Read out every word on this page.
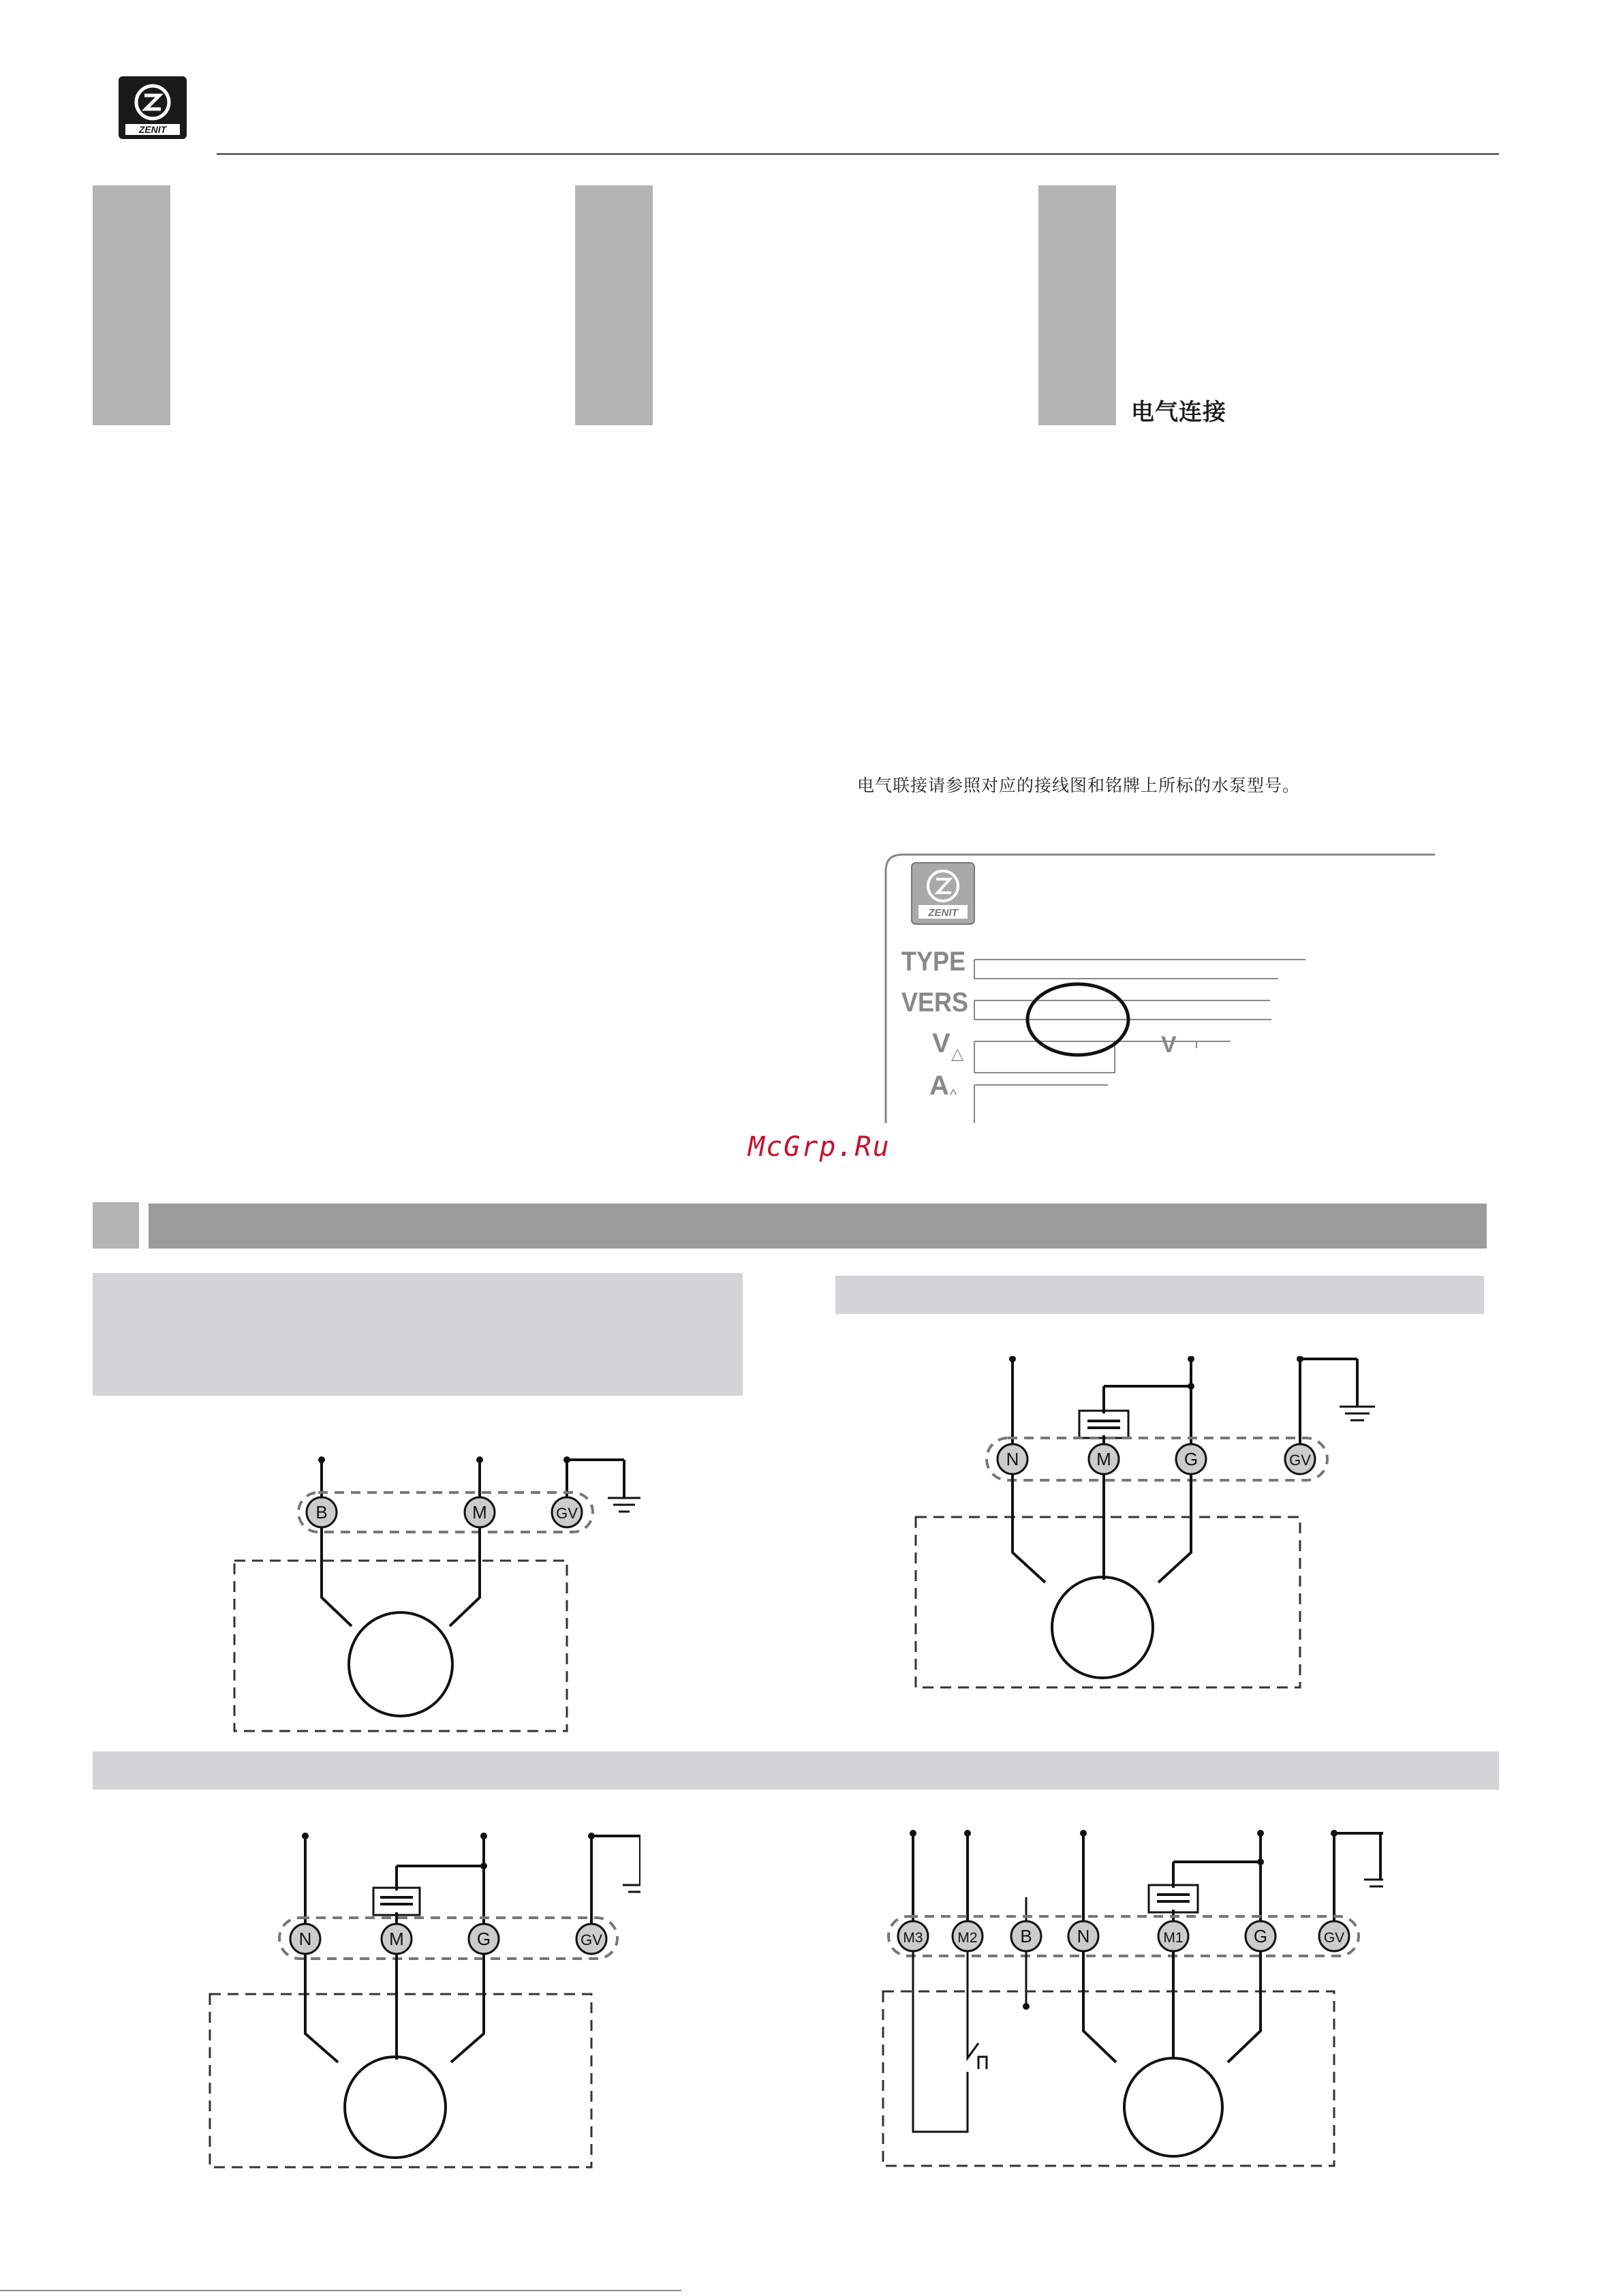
ZENIT
电气连接
电气联接请参照对应的接线图和铭牌上所标的水泵型号。
ZENIT
TYPE
VERS
V △
A ^
V
McGrp.Ru
B	M	GV
N	M	G	GV
N	M	G	GV	M3 M2 B	N	M1	G	GV
